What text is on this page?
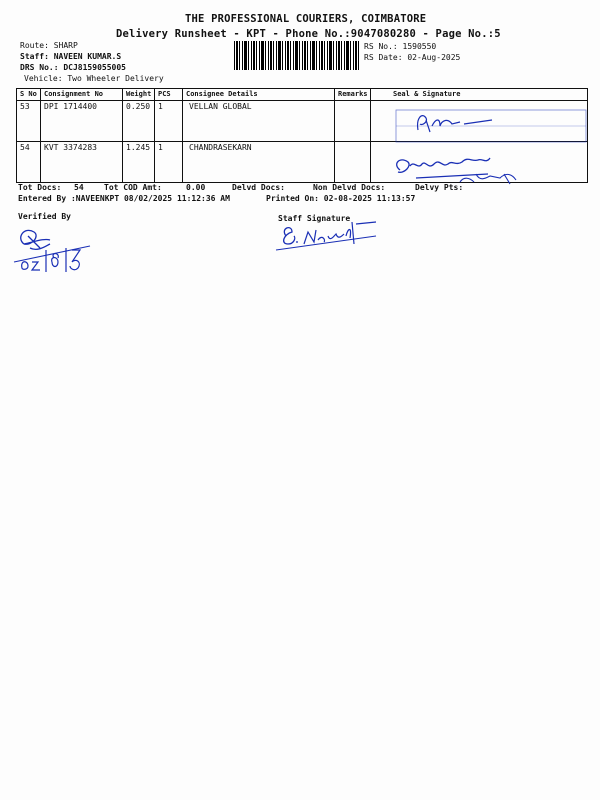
THE PROFESSIONAL COURIERS, COIMBATORE
Delivery Runsheet - KPT - Phone No.:9047080280 - Page No.:5
Route: SHARP
Staff: NAVEEN KUMAR.S
DRS No.: DCJ8159055005
Vehicle: Two Wheeler Delivery
RS No.: 1590550
RS Date: 02-Aug-2025
S No	Consignment No	Weight	PCS	Consignee Details	Remarks	Seal & Signature
53	DPI 1714400	0.250	1	VELLAN GLOBAL		
54	KVT 3374283	1.245	1	CHANDRASEKARN		
Tot Docs: 54	Tot COD Amt:	0.00	Delvd Docs:	Non Delvd Docs:	Delvy Pts:
Entered By :NAVEENKPT 08/02/2025 11:12:36 AM	Printed On: 02-08-2025 11:13:57
Verified By	Staff Signature
